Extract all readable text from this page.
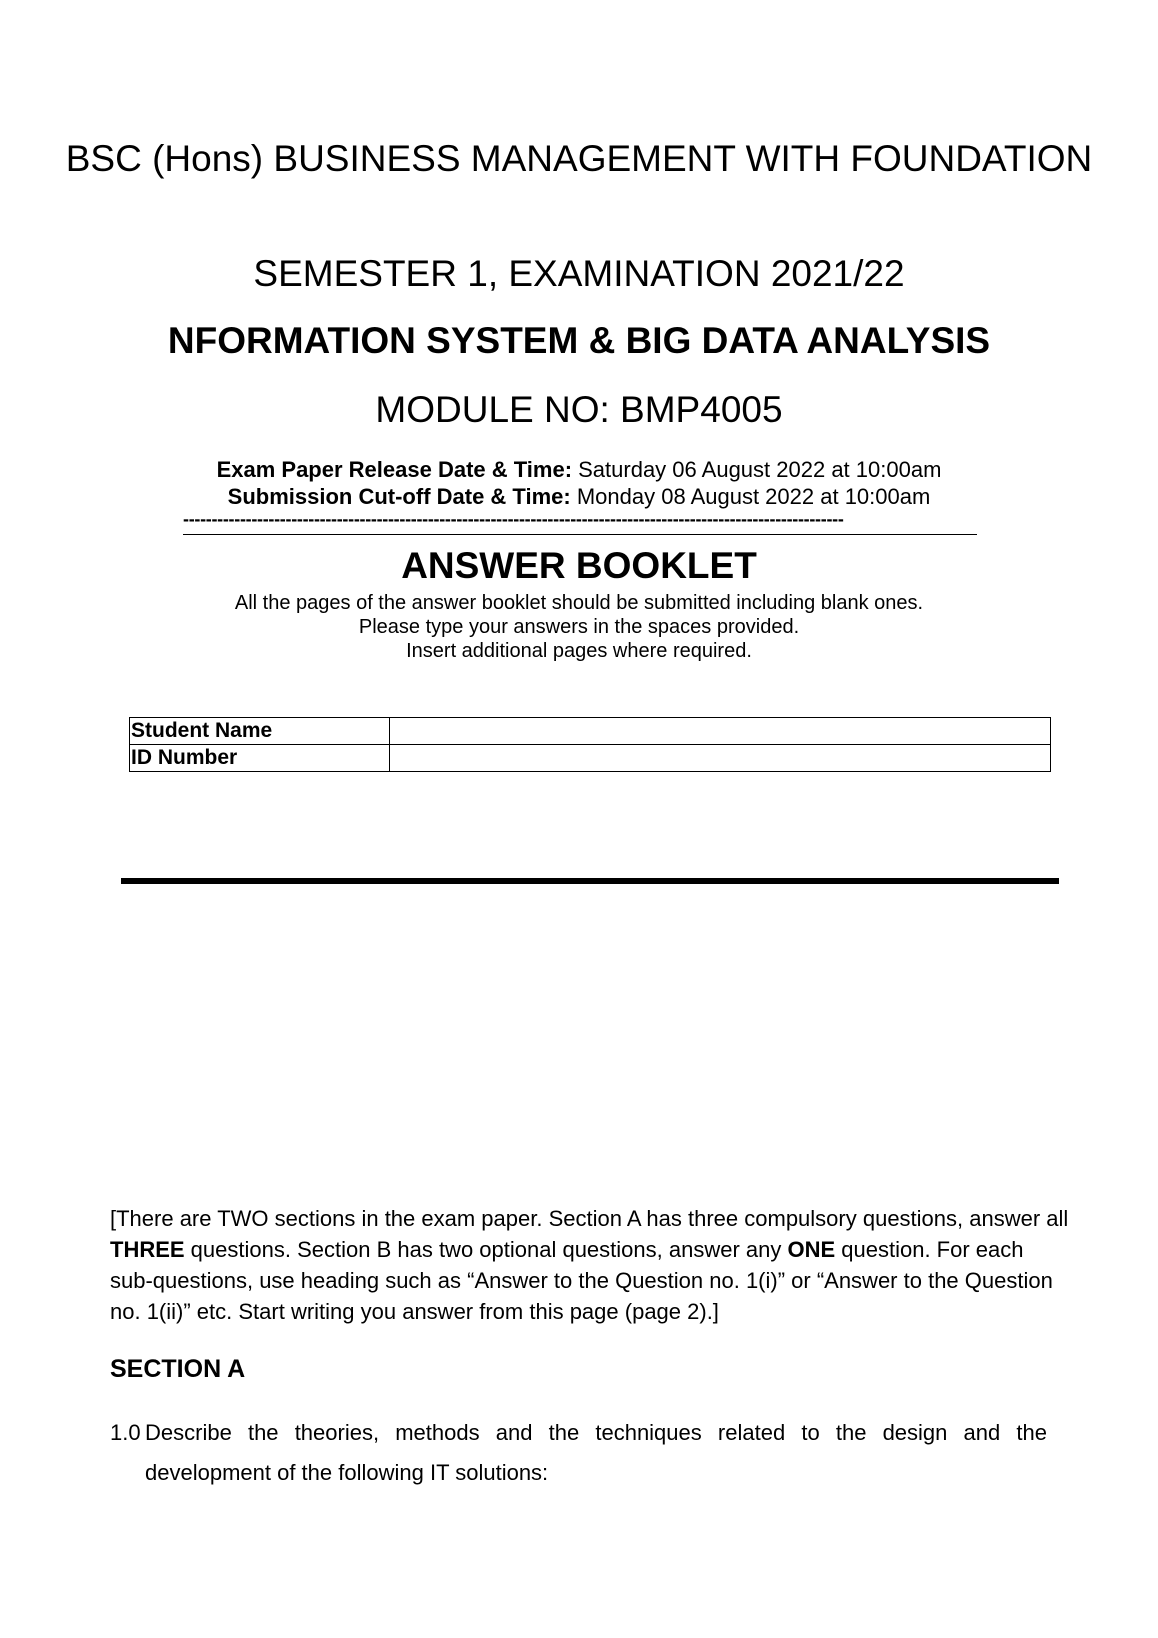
BSC (Hons) BUSINESS MANAGEMENT WITH FOUNDATION
SEMESTER 1, EXAMINATION 2021/22
NFORMATION SYSTEM & BIG DATA ANALYSIS
MODULE NO: BMP4005
Exam Paper Release Date & Time: Saturday 06 August 2022 at 10:00am
Submission Cut-off Date & Time: Monday 08 August 2022 at 10:00am
--------------------------------------------------------------------------------------------------------------------
ANSWER BOOKLET
All the pages of the answer booklet should be submitted including blank ones.
Please type your answers in the spaces provided.
Insert additional pages where required.
Student Name	
ID Number	
[There are TWO sections in the exam paper. Section A has three compulsory questions, answer all THREE questions. Section B has two optional questions, answer any ONE question. For each sub-questions, use heading such as “Answer to the Question no. 1(i)” or “Answer to the Question no. 1(ii)” etc. Start writing you answer from this page (page 2).]
SECTION A
1.0 Describe the theories, methods and the techniques related to the design and the development of the following IT solutions:
